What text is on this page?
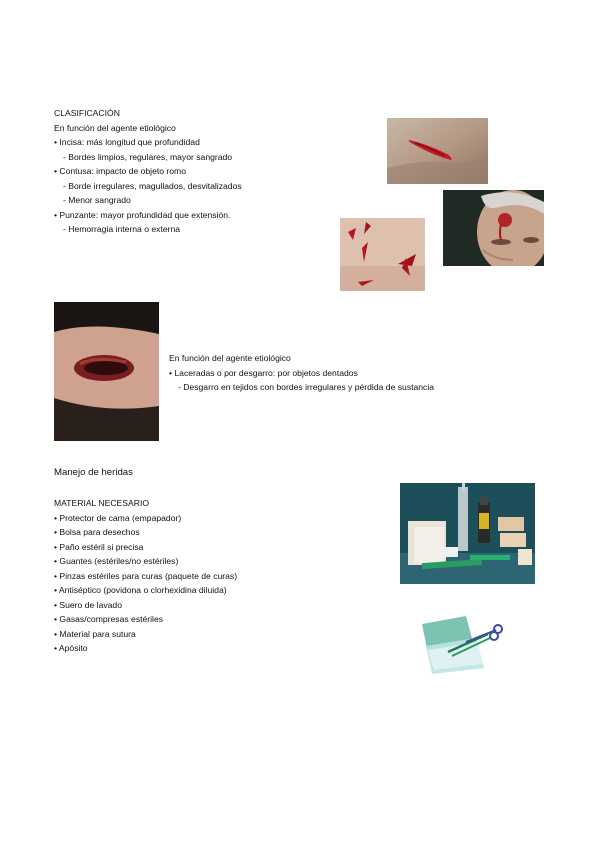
CLASIFICACIÓN
En función del agente etiológico
• Incisa: más longitud que profundidad
- Bordes limpios, regulares, mayor sangrado
• Contusa: impacto de objeto romo
- Borde irregulares, magullados, desvitalizados
- Menor sangrado
• Punzante: mayor profundidad que extensión.
- Hemorragia interna o externa
En función del agente etiológico
• Laceradas o por desgarro: por objetos dentados
- Desgarro en tejidos con bordes irregulares y pérdida de sustancia
Manejo de heridas
MATERIAL NECESARIO
• Protector de cama (empapador)
• Bolsa para desechos
• Paño estéril si precisa
• Guantes (estériles/no estériles)
• Pinzas estériles para curas (paquete de curas)
• Antiséptico (povidona o clorhexidina diluida)
• Suero de lavado
• Gasas/compresas estériles
• Material para sutura
• Apósito
